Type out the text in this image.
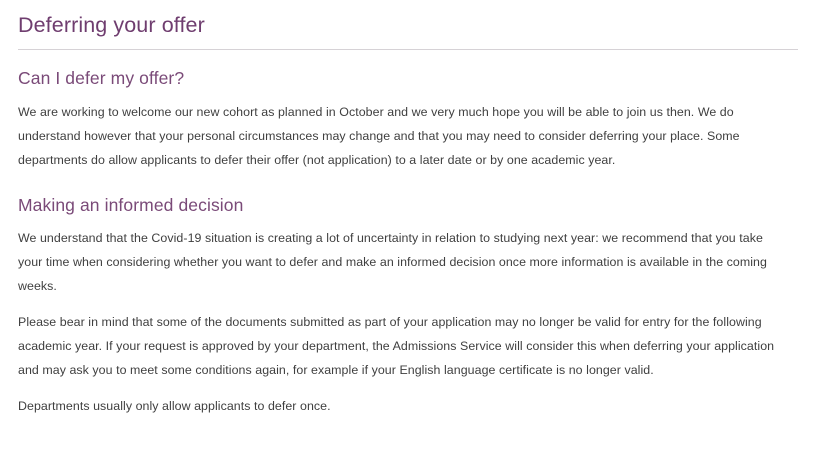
Deferring your offer
Can I defer my offer?

We are working to welcome our new cohort as planned in October and we very much hope you will be able to join us then. We do understand however that your personal circumstances may change and that you may need to consider deferring your place. Some departments do allow applicants to defer their offer (not application) to a later date or by one academic year.

Making an informed decision

We understand that the Covid-19 situation is creating a lot of uncertainty in relation to studying next year: we recommend that you take your time when considering whether you want to defer and make an informed decision once more information is available in the coming weeks.

Please bear in mind that some of the documents submitted as part of your application may no longer be valid for entry for the following academic year. If your request is approved by your department, the Admissions Service will consider this when deferring your application and may ask you to meet some conditions again, for example if your English language certificate is no longer valid.

Departments usually only allow applicants to defer once.
